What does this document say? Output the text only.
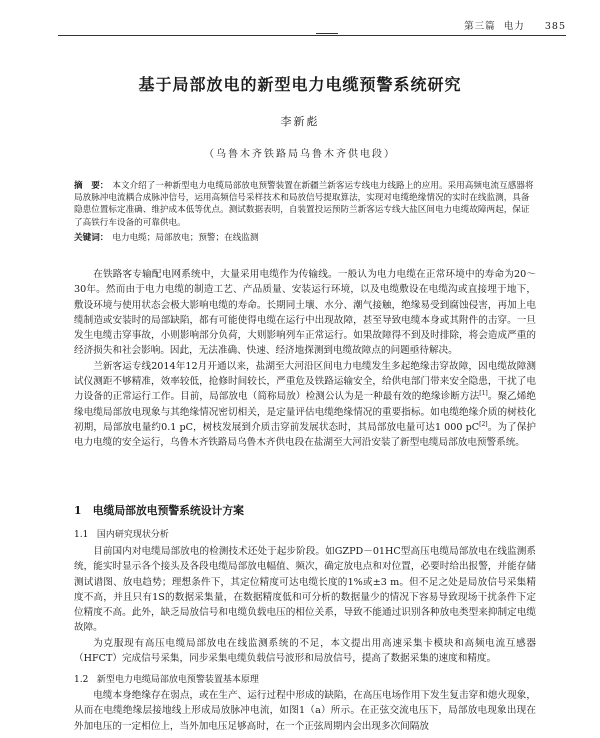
第三篇 电力 385
基于局部放电的新型电力电缆预警系统研究
李新彪
（乌鲁木齐铁路局乌鲁木齐供电段）
摘　要： 本文介绍了一种新型电力电缆局部放电预警装置在新疆兰新客运专线电力线路上的应用。采用高频电流互感器将局放脉冲电流耦合成脉冲信号，运用高频信号采样技术和局放信号提取算法，实现对电缆绝缘情况的实时在线监测，具备隐患位置标定准确、维护成本低等优点。测试数据表明，自装置投运预防兰新客运专线大盐区间电力电缆故障两起，保证了高铁行车设备的可靠供电。
关键词： 电力电缆；局部放电；预警；在线监测

在铁路客专输配电网系统中，大量采用电缆作为传输线。一般认为电力电缆在正常环境中的寿命为20～30年。然而由于电力电缆的制造工艺、产品质量、安装运行环境，以及电缆敷设在电缆沟或直接埋于地下，敷设环境与使用状态会极大影响电缆的寿命。长期同土壤、水分、潮气接触，绝缘易受到腐蚀侵害，再加上电缆制造或安装时的局部缺陷，都有可能使得电缆在运行中出现故障，甚至导致电缆本身或其附件的击穿。一旦发生电缆击穿事故，小则影响部分负荷，大则影响列车正常运行。如果故障得不到及时排除，将会造成严重的经济损失和社会影响。因此，无法准确、快速、经济地探测到电缆故障点的问题亟待解决。

兰新客运专线2014年12月开通以来，盐湖至大河沿区间电力电缆发生多起绝缘击穿故障，因电缆故障测试仪测距不够精准，效率较低，抢修时间较长，严重危及铁路运输安全，给供电部门带来安全隐患，干扰了电力设备的正常运行工作。目前，局部放电（简称局放）检测公认为是一种最有效的绝缘诊断方法[1]。聚乙烯绝缘电缆局部放电现象与其绝缘情况密切相关，是定量评估电缆绝缘情况的重要指标。如电缆绝缘介质的树枝化初期，局部放电量约0.1 pC，树枝发展到介质击穿前发展状态时，其局部放电量可达1 000 pC[2]。为了保护电力电缆的安全运行，乌鲁木齐铁路局乌鲁木齐供电段在盐湖至大河沿安装了新型电缆局部放电预警系统。

1 电缆局部放电预警系统设计方案
1.1 国内研究现状分析

目前国内对电缆局部放电的检测技术还处于起步阶段。如GZPD－01HC型高压电缆局部放电在线监测系统，能实时显示各个接头及各段电缆局部放电幅值、频次，确定放电点和对位置，必要时给出报警，并能存储测试谱图、放电趋势；理想条件下，其定位精度可达电缆长度的1%或±3 m。但不足之处是局放信号采集精度不高，并且只有1S的数据采集量，在数据精度低和可分析的数据量少的情况下容易导致现场干扰条件下定位精度不高。此外，缺乏局放信号和电缆负载电压的相位关系，导致不能通过识别各种放电类型来抑制定电缆故障。

为克服现有高压电缆局部放电在线监测系统的不足，本文提出用高速采集卡模块和高频电流互感器（HFCT）完成信号采集，同步采集电缆负载信号波形和局放信号，提高了数据采集的速度和精度。

1.2 新型电力电缆局部放电预警装置基本原理

电缆本身绝缘存在弱点，或在生产、运行过程中形成的缺陷，在高压电场作用下发生复击穿和熄火现象，从而在电缆绝缘层接地线上形成局放脉冲电流，如图1（a）所示。在正弦交流电压下，局部放电现象出现在外加电压的一定相位上，当外加电压足够高时，在一个正弦周期内会出现多次间隔放
